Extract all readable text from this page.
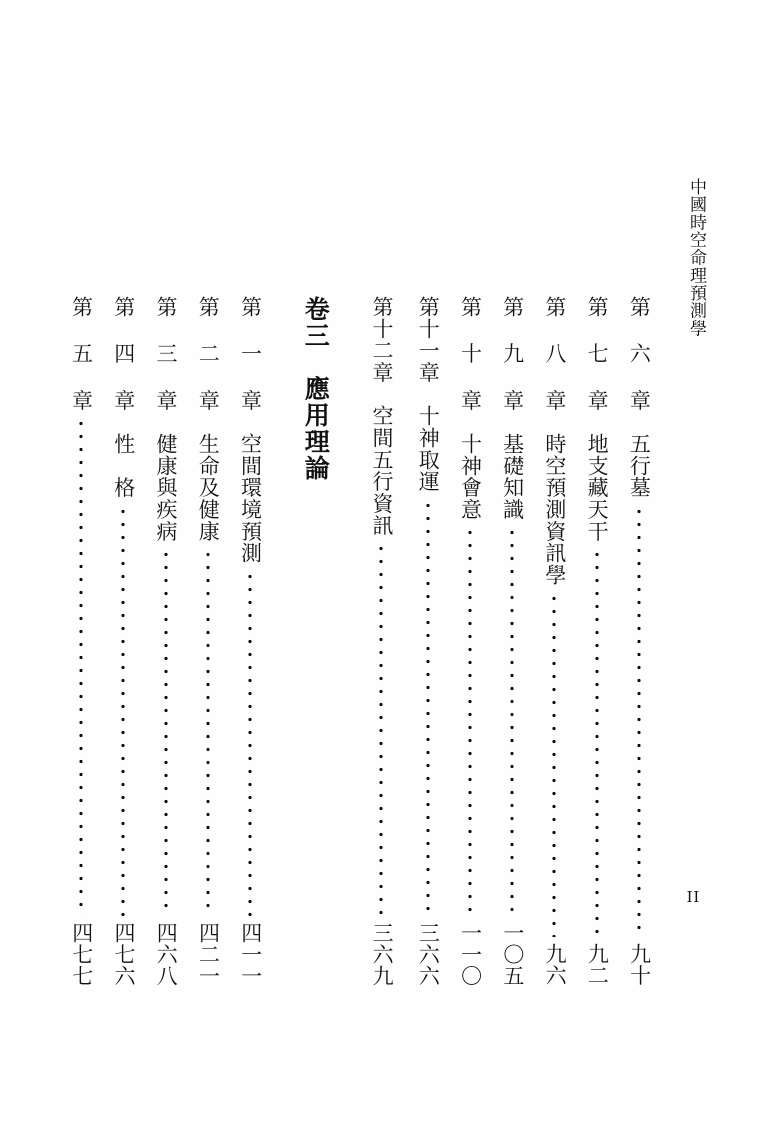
中國時空命理預測學
II
第 六 章　五行墓
九十
第 七 章　地支藏天干
九二
第 八 章　時空預測資訊學
九六
第 九 章　基礎知識
一〇五
第 十 章　十神會意
一一〇
第十一章　十神取運
三六六
第十二章　空間五行資訊
三六九
卷三　應用理論
第 一 章　空間環境預測
四一一
第 二 章　生命及健康
四二一
第 三 章　健康與疾病
四六八
第 四 章　性　格
四七六
第 五 章
四七七
